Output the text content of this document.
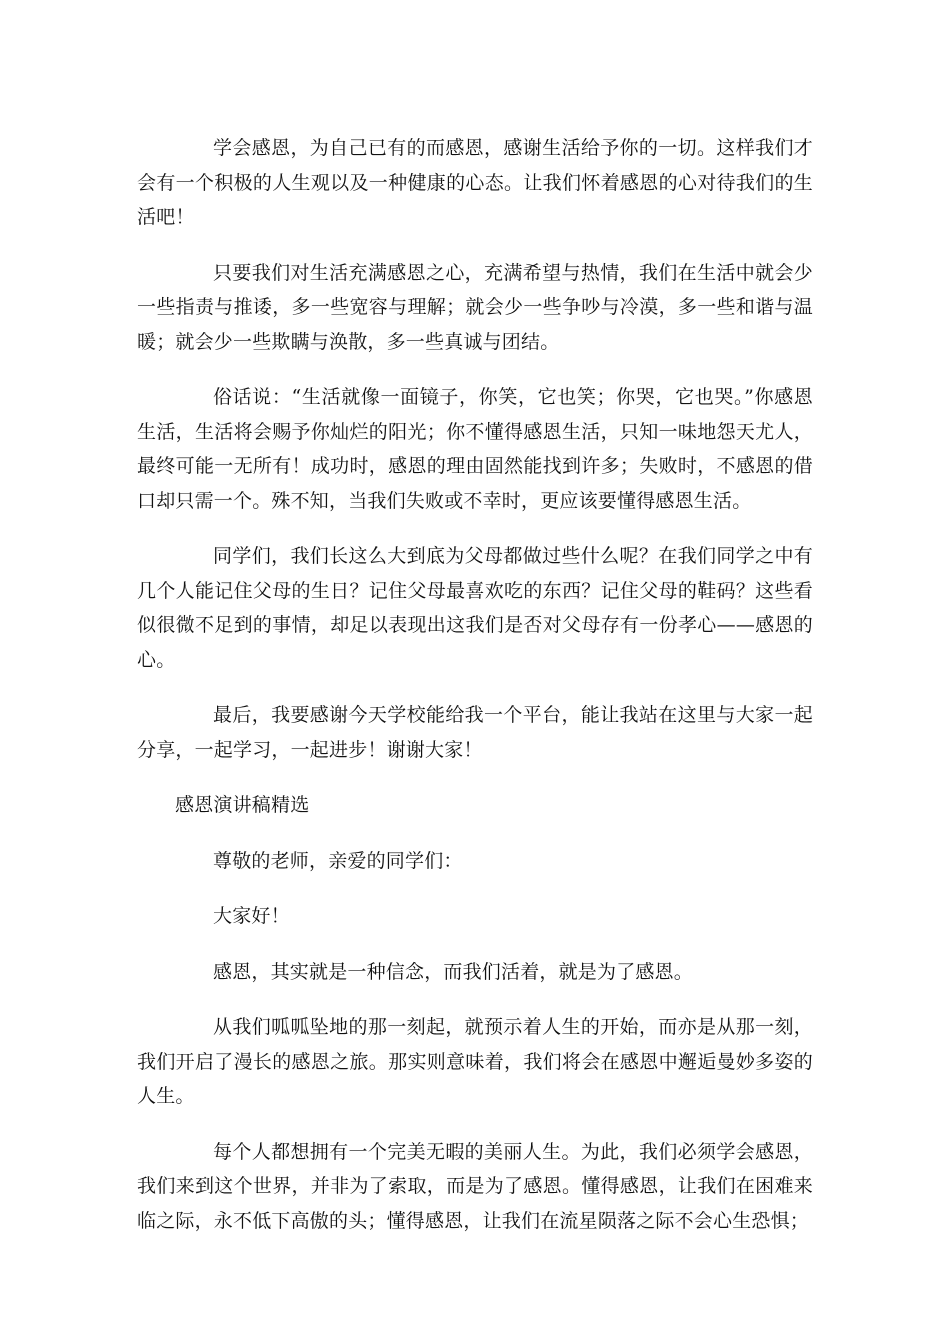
学会感恩，为自己已有的而感恩，感谢生活给予你的一切。这样我们才会有一个积极的人生观以及一种健康的心态。让我们怀着感恩的心对待我们的生活吧！

只要我们对生活充满感恩之心，充满希望与热情，我们在生活中就会少一些指责与推诿，多一些宽容与理解；就会少一些争吵与冷漠，多一些和谐与温暖；就会少一些欺瞒与涣散，多一些真诚与团结。

俗话说：“生活就像一面镜子，你笑，它也笑；你哭，它也哭。”你感恩生活，生活将会赐予你灿烂的阳光；你不懂得感恩生活，只知一味地怨天尤人，最终可能一无所有！成功时，感恩的理由固然能找到许多；失败时，不感恩的借口却只需一个。殊不知，当我们失败或不幸时，更应该要懂得感恩生活。

同学们，我们长这么大到底为父母都做过些什么呢？在我们同学之中有几个人能记住父母的生日？记住父母最喜欢吃的东西？记住父母的鞋码？这些看似很微不足到的事情，却足以表现出这我们是否对父母存有一份孝心——感恩的心。

最后，我要感谢今天学校能给我一个平台，能让我站在这里与大家一起分享，一起学习，一起进步！谢谢大家！

感恩演讲稿精选

尊敬的老师，亲爱的同学们：

大家好！

感恩，其实就是一种信念，而我们活着，就是为了感恩。

从我们呱呱坠地的那一刻起，就预示着人生的开始，而亦是从那一刻，我们开启了漫长的感恩之旅。那实则意味着，我们将会在感恩中邂逅曼妙多姿的人生。

每个人都想拥有一个完美无暇的美丽人生。为此，我们必须学会感恩，我们来到这个世界，并非为了索取，而是为了感恩。懂得感恩，让我们在困难来临之际，永不低下高傲的头；懂得感恩，让我们在流星陨落之际不会心生恐惧；
